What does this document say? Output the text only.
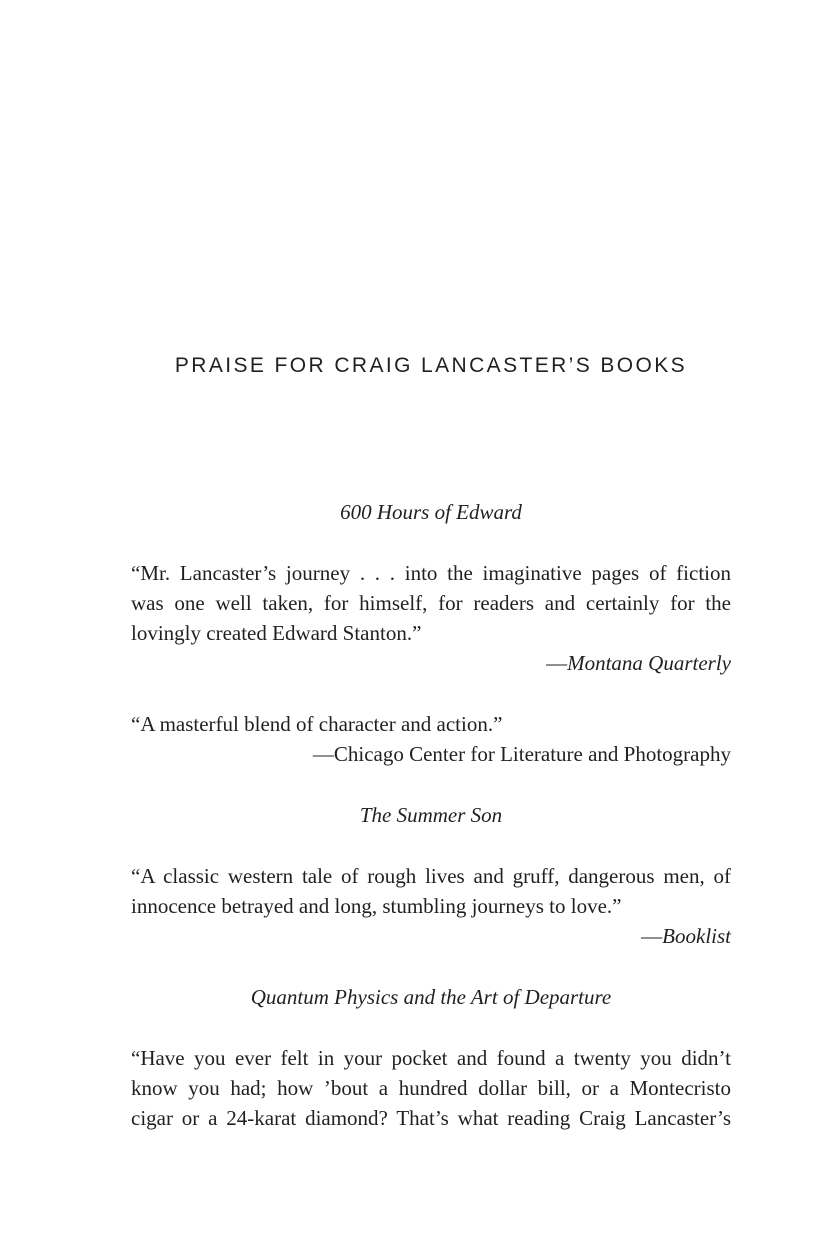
PRAISE FOR CRAIG LANCASTER’S BOOKS

600 Hours of Edward

“Mr. Lancaster’s journey . . . into the imaginative pages of fiction
was one well taken, for himself, for readers and certainly for the
lovingly created Edward Stanton.”

—Montana Quarterly

“A masterful blend of character and action.”

—Chicago Center for Literature and Photography

The Summer Son

“A classic western tale of rough lives and gruff, dangerous men, of
innocence betrayed and long, stumbling journeys to love.”

—Booklist

Quantum Physics and the Art of Departure

“Have you ever felt in your pocket and found a twenty you didn’t
know you had; how ’bout a hundred dollar bill, or a Montecristo
cigar or a 24-karat diamond? That’s what reading Craig Lancaster’s
